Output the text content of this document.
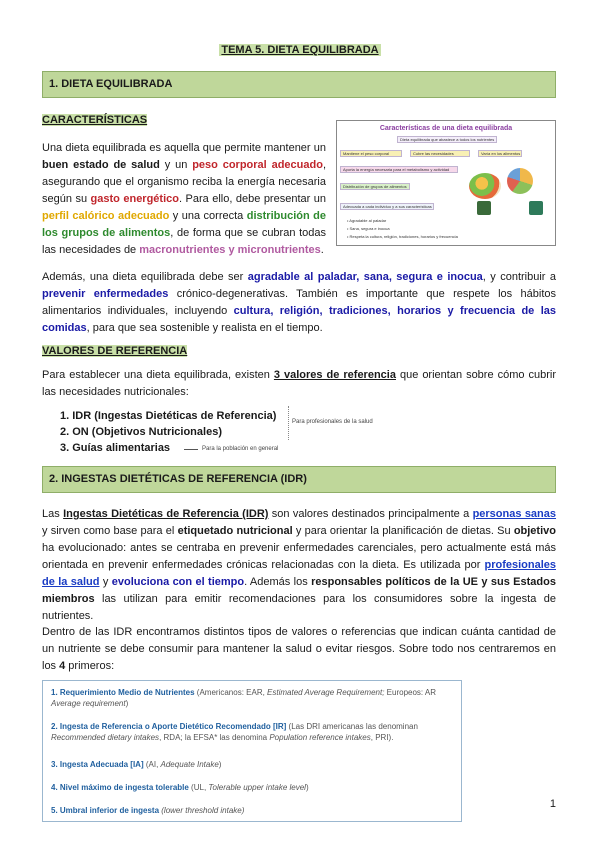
TEMA 5. DIETA EQUILIBRADA
1. DIETA EQUILIBRADA
CARACTERÍSTICAS
Una dieta equilibrada es aquella que permite mantener un buen estado de salud y un peso corporal adecuado, asegurando que el organismo reciba la energía necesaria según su gasto energético. Para ello, debe presentar un perfil calórico adecuado y una correcta distribución de los grupos de alimentos, de forma que se cubran todas las necesidades de macronutrientes y micronutrientes.
Características de una dieta equilibrada
Dieta equilibrada que abastece a todos los nutrientes
Mantiene el peso corporal	Cubre las necesidades	Varía en los alimentos
Aporta la energía necesaria para el metabolismo y actividad
Distribución de grupos de alimentos
Adecuada a cada individuo y a sus características
• Agradable al paladar
• Sana, segura e inocua
• Respeta la cultura, religión, tradiciones, horarios y frecuencia
Además, una dieta equilibrada debe ser agradable al paladar, sana, segura e inocua, y contribuir a prevenir enfermedades crónico-degenerativas. También es importante que respete los hábitos alimentarios individuales, incluyendo cultura, religión, tradiciones, horarios y frecuencia de las comidas, para que sea sostenible y realista en el tiempo.
VALORES DE REFERENCIA
Para establecer una dieta equilibrada, existen 3 valores de referencia que orientan sobre cómo cubrir las necesidades nutricionales:
1. IDR (Ingestas Dietéticas de Referencia)
2. ON (Objetivos Nutricionales)
3. Guías alimentarias
Para profesionales de la salud
Para la población en general
2. INGESTAS DIETÉTICAS DE REFERENCIA (IDR)
Las Ingestas Dietéticas de Referencia (IDR) son valores destinados principalmente a personas sanas y sirven como base para el etiquetado nutricional y para orientar la planificación de dietas. Su objetivo ha evolucionado: antes se centraba en prevenir enfermedades carenciales, pero actualmente está más orientada en prevenir enfermedades crónicas relacionadas con la dieta. Es utilizada por profesionales de la salud y evoluciona con el tiempo. Además los responsables políticos de la UE y sus Estados miembros las utilizan para emitir recomendaciones para los consumidores sobre la ingesta de nutrientes.
Dentro de las IDR encontramos distintos tipos de valores o referencias que indican cuánta cantidad de un nutriente se debe consumir para mantener la salud o evitar riesgos. Sobre todo nos centraremos en los 4 primeros:
1. Requerimiento Medio de Nutrientes (Americanos: EAR, Estimated Average Requirement; Europeos: AR Average requirement)
2. Ingesta de Referencia o Aporte Dietético Recomendado [IR] (Las DRI americanas las denominan Recommended dietary intakes, RDA; la EFSA* las denomina Population reference intakes, PRI).
3. Ingesta Adecuada [IA] (AI, Adequate Intake)
4. Nivel máximo de ingesta tolerable (UL, Tolerable upper intake level)
5. Umbral inferior de ingesta (lower threshold intake)
1
